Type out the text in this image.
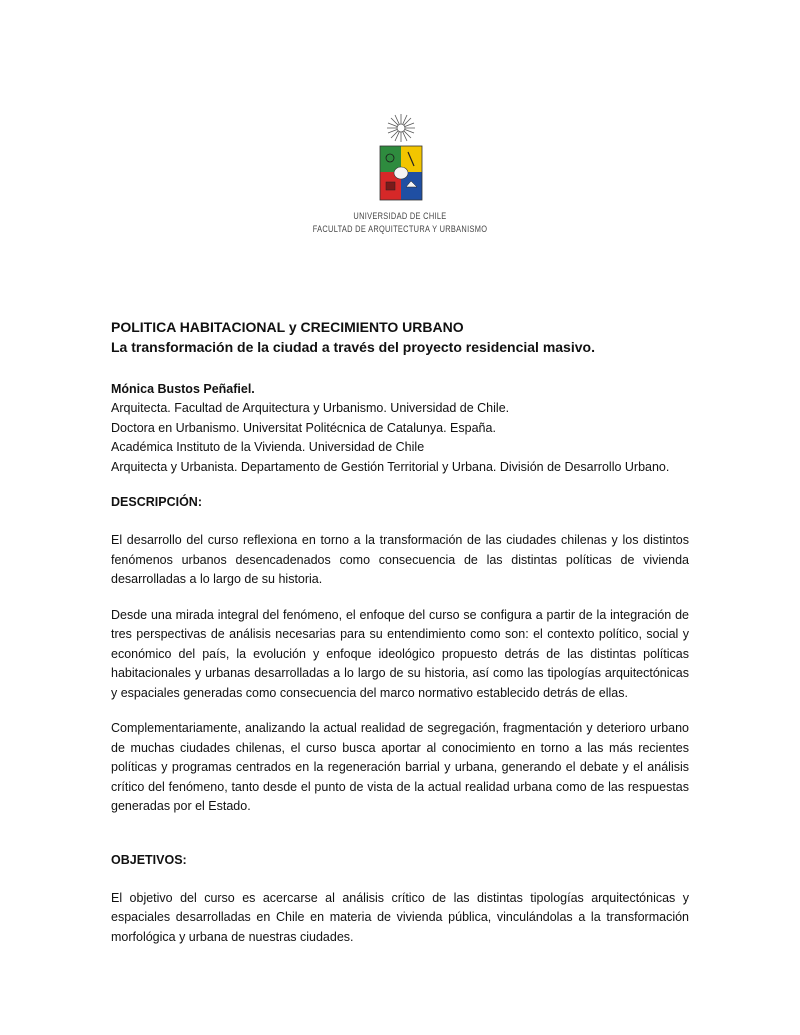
UNIVERSIDAD DE CHILE
FACULTAD DE ARQUITECTURA Y URBANISMO

POLITICA HABITACIONAL y CRECIMIENTO URBANO

La transformación de la ciudad a través del proyecto residencial masivo.

Mónica Bustos Peñafiel.

Arquitecta. Facultad de Arquitectura y Urbanismo. Universidad de Chile.

Doctora en Urbanismo. Universitat Politécnica de Catalunya. España.

Académica Instituto de la Vivienda. Universidad de Chile

Arquitecta y Urbanista. Departamento de Gestión Territorial y Urbana. División de Desarrollo Urbano.

DESCRIPCIÓN:

El desarrollo del curso reflexiona en torno a la transformación de las ciudades chilenas y los distintos fenómenos urbanos desencadenados como consecuencia de las distintas políticas de vivienda desarrolladas a lo largo de su historia.

Desde una mirada integral del fenómeno, el enfoque del curso se configura a partir de la integración de tres perspectivas de análisis necesarias para su entendimiento como son: el contexto político, social y económico del país, la evolución y enfoque ideológico propuesto detrás de las distintas políticas habitacionales y urbanas desarrolladas a lo largo de su historia, así como las tipologías arquitectónicas y espaciales generadas como consecuencia del marco normativo establecido detrás de ellas.

Complementariamente, analizando la actual realidad de segregación, fragmentación y deterioro urbano de muchas ciudades chilenas, el curso busca aportar al conocimiento en torno a las más recientes políticas y programas centrados en la regeneración barrial y urbana, generando el debate y el análisis crítico del fenómeno, tanto desde el punto de vista de la actual realidad urbana como de las respuestas generadas por el Estado.

OBJETIVOS:

El objetivo del curso es acercarse al análisis crítico de las distintas tipologías arquitectónicas y espaciales desarrolladas en Chile en materia de vivienda pública, vinculándolas a la transformación morfológica y urbana de nuestras ciudades.
